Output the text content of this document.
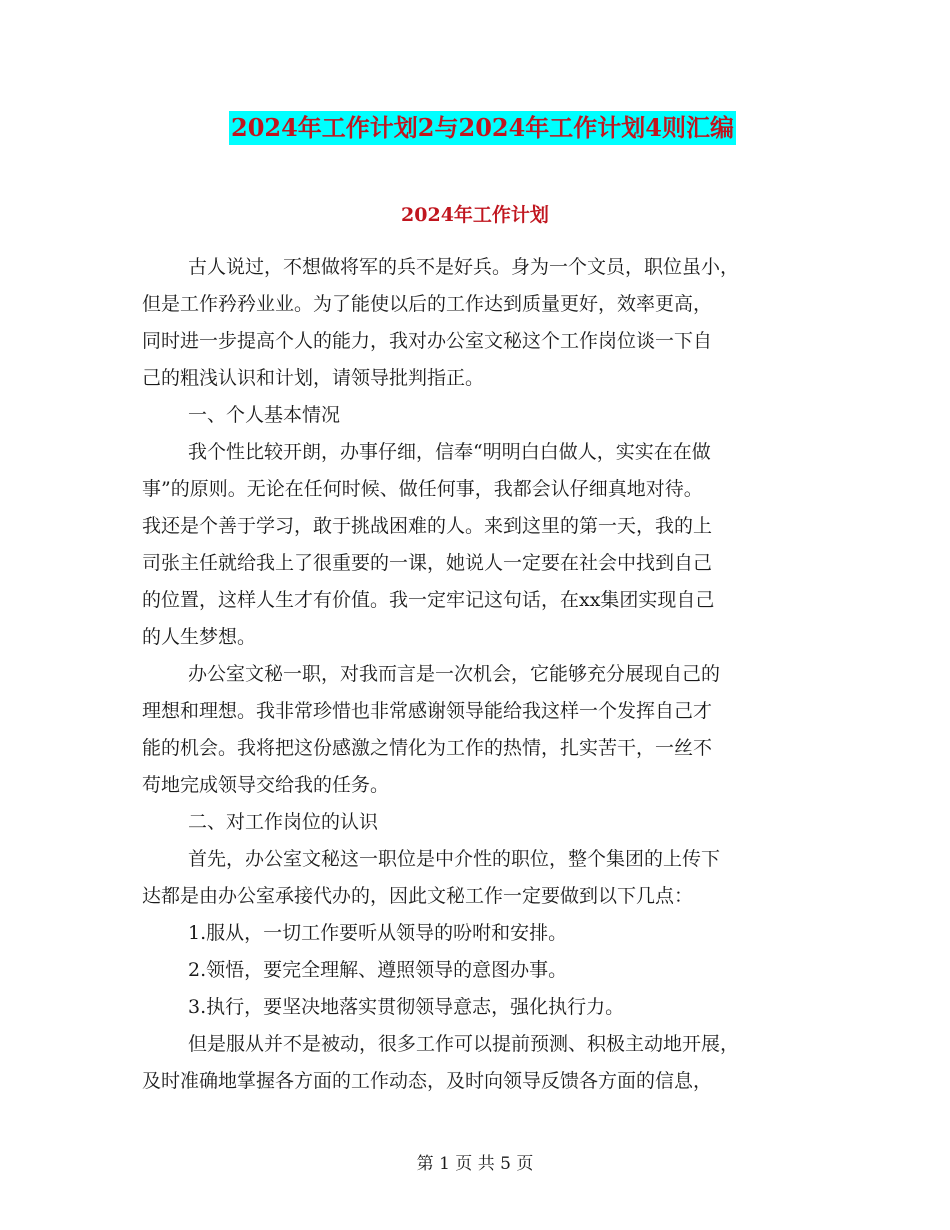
2024年工作计划2与2024年工作计划4则汇编
2024年工作计划

古人说过，不想做将军的兵不是好兵。身为一个文员，职位虽小，

但是工作矜矜业业。为了能使以后的工作达到质量更好，效率更高，

同时进一步提高个人的能力，我对办公室文秘这个工作岗位谈一下自

己的粗浅认识和计划，请领导批判指正。

一、个人基本情况

我个性比较开朗，办事仔细，信奉“明明白白做人，实实在在做

事”的原则。无论在任何时候、做任何事，我都会认仔细真地对待。

我还是个善于学习，敢于挑战困难的人。来到这里的第一天，我的上

司张主任就给我上了很重要的一课，她说人一定要在社会中找到自己

的位置，这样人生才有价值。我一定牢记这句话，在xx集团实现自己

的人生梦想。

办公室文秘一职，对我而言是一次机会，它能够充分展现自己的

理想和理想。我非常珍惜也非常感谢领导能给我这样一个发挥自己才

能的机会。我将把这份感激之情化为工作的热情，扎实苦干，一丝不

苟地完成领导交给我的任务。

二、对工作岗位的认识

首先，办公室文秘这一职位是中介性的职位，整个集团的上传下

达都是由办公室承接代办的，因此文秘工作一定要做到以下几点：

1.服从，一切工作要听从领导的吩咐和安排。

2.领悟，要完全理解、遵照领导的意图办事。

3.执行，要坚决地落实贯彻领导意志，强化执行力。

但是服从并不是被动，很多工作可以提前预测、积极主动地开展，

及时准确地掌握各方面的工作动态，及时向领导反馈各方面的信息，

第 1 页 共 5 页
